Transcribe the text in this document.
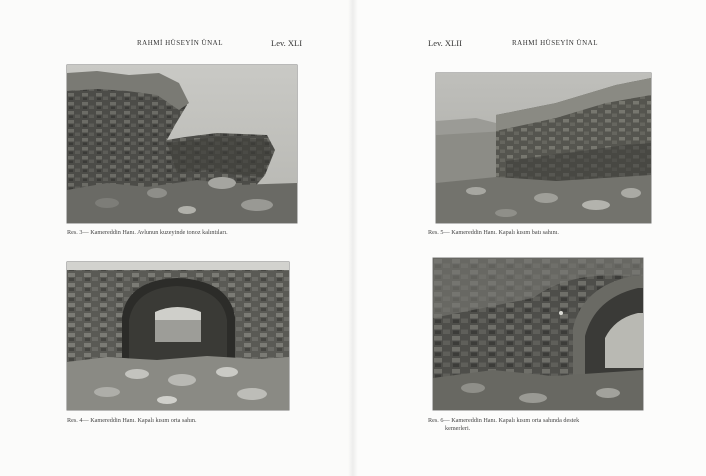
RAHMİ HÜSEYİN ÜNAL	Lev. XLI	Lev. XLII	RAHMİ HÜSEYİN ÜNAL
Res. 3— Kamereddin Hanı. Avlunun kuzeyinde tonoz kalıntıları.
Res. 4— Kamereddin Hanı. Kapalı kısım orta sahın.
Res. 5— Kamereddin Hanı. Kapalı kısım batı sahını.
Res. 6— Kamereddin Hanı. Kapalı kısım orta sahında destek
kemerleri.
